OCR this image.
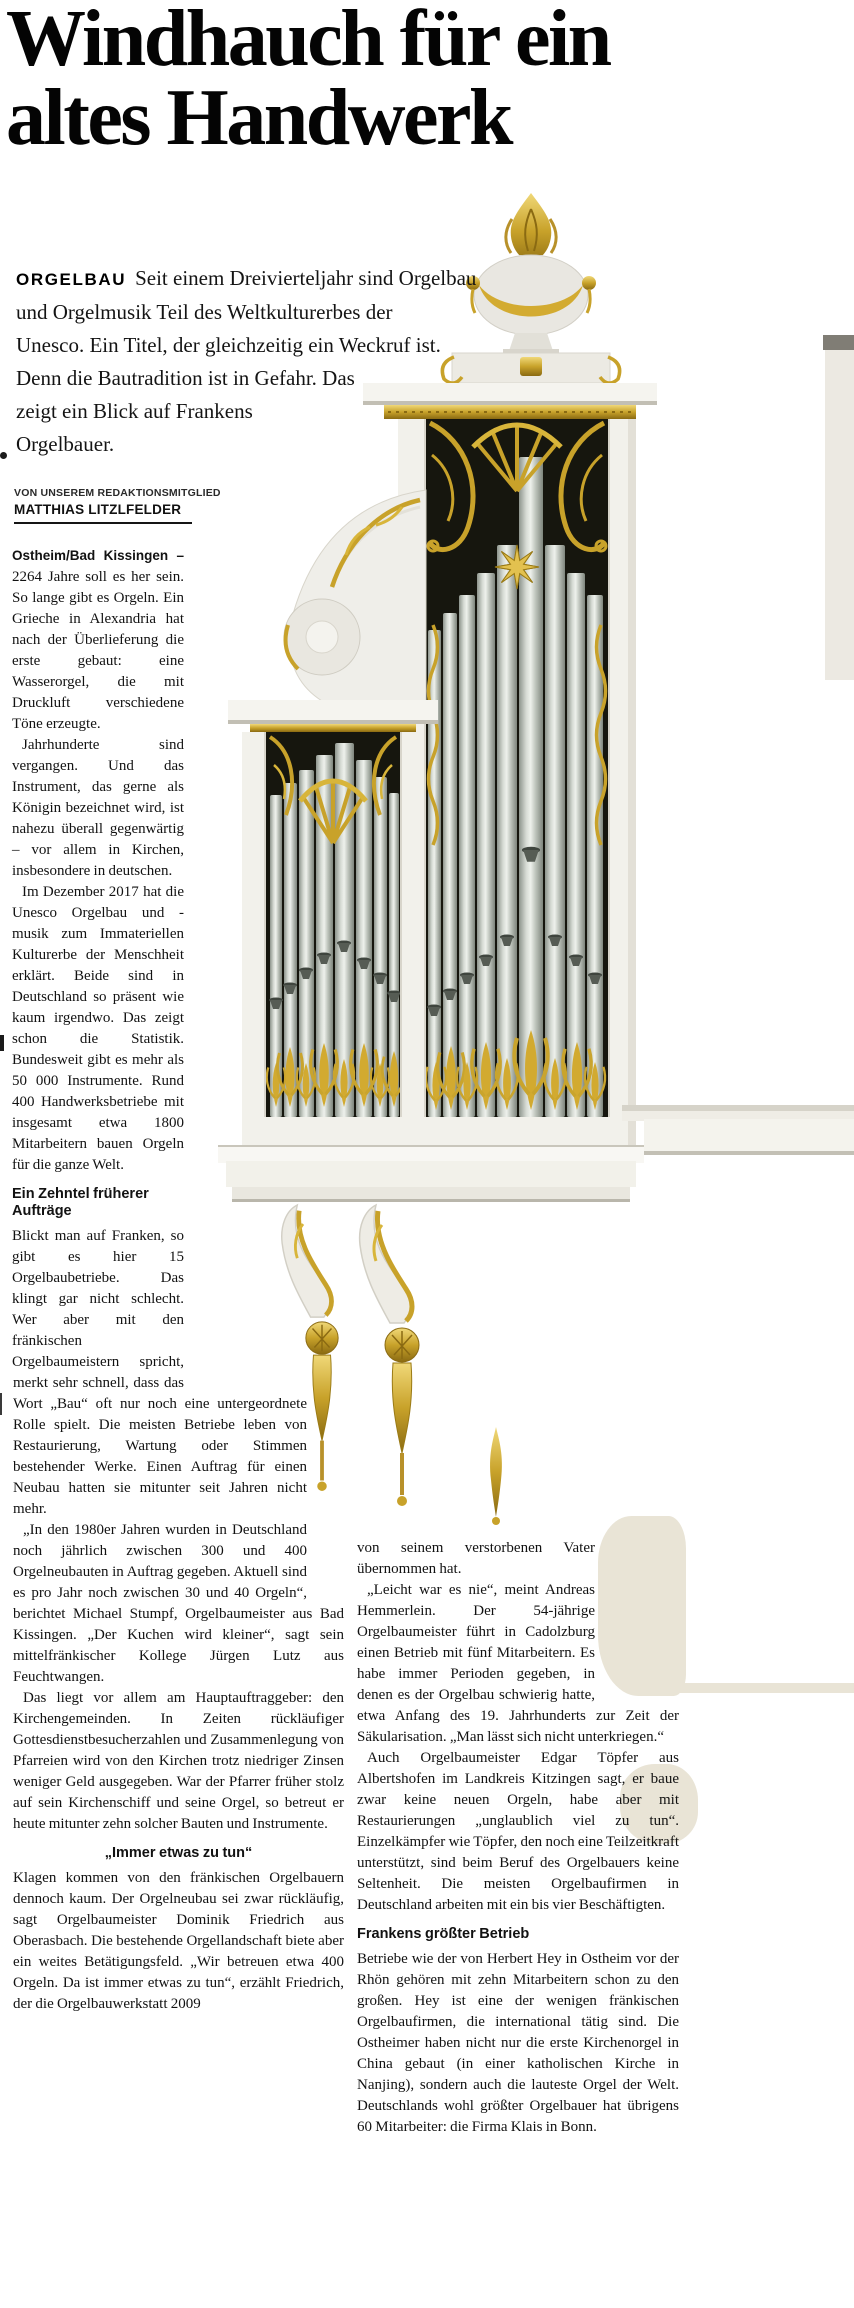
Windhauch für ein
altes Handwerk
ORGELBAU Seit einem Dreivierteljahr sind Orgelbau
und Orgelmusik Teil des Weltkulturerbes der
Unesco. Ein Titel, der gleichzeitig ein Weckruf ist.
Denn die Bautradition ist in Gefahr. Das
zeigt ein Blick auf Frankens
Orgelbauer.
VON UNSEREM REDAKTIONSMITGLIED
MATTHIAS LITZLFELDER

Ostheim/Bad Kissingen – 2264 Jahre soll es her sein. So lange gibt es Orgeln. Ein Grieche in Alexandria hat nach der Überlieferung die erste gebaut: eine Wasserorgel, die mit Druckluft verschiedene Töne erzeugte.

Jahrhunderte sind vergangen. Und das Instrument, das gerne als Königin bezeichnet wird, ist nahezu überall gegenwärtig – vor allem in Kirchen, insbesondere in deutschen.

Im Dezember 2017 hat die Unesco Orgelbau und -musik zum Immateriellen Kulturerbe der Menschheit erklärt. Beide sind in Deutschland so präsent wie kaum irgendwo. Das zeigt schon die Statistik. Bundesweit gibt es mehr als 50 000 Instrumente. Rund 400 Handwerksbetriebe mit insgesamt etwa 1800 Mitarbeitern bauen Orgeln für die ganze Welt.

Ein Zehntel früherer Aufträge

Blickt man auf Franken, so gibt es hier 15 Orgelbaubetriebe. Das klingt gar nicht schlecht. Wer aber mit den fränkischen Orgelbaumeistern spricht, merkt sehr schnell, dass das Wort „Bau“ oft nur noch eine untergeordnete Rolle spielt. Die meisten Betriebe leben von Restaurierung, Wartung oder Stimmen bestehender Werke. Einen Auftrag für einen Neubau hatten sie mitunter seit Jahren nicht mehr.

„In den 1980er Jahren wurden in Deutschland noch jährlich zwischen 300 und 400 Orgelneubauten in Auftrag gegeben. Aktuell sind es pro Jahr noch zwischen 30 und 40 Orgeln“, berichtet Michael Stumpf, Orgelbaumeister aus Bad Kissingen. „Der Kuchen wird kleiner“, sagt sein mittelfränkischer Kollege Jürgen Lutz aus Feuchtwangen.

Das liegt vor allem am Hauptauftraggeber: den Kirchengemeinden. In Zeiten rückläufiger Gottesdienstbesucherzahlen und Zusammenlegung von Pfarreien wird von den Kirchen trotz niedriger Zinsen weniger Geld ausgegeben. War der Pfarrer früher stolz auf sein Kirchenschiff und seine Orgel, so betreut er heute mitunter zehn solcher Bauten und Instrumente.

„Immer etwas zu tun“

Klagen kommen von den fränkischen Orgelbauern dennoch kaum. Der Orgelneubau sei zwar rückläufig, sagt Orgelbaumeister Dominik Friedrich aus Oberasbach. Die bestehende Orgellandschaft biete aber ein weites Betätigungsfeld. „Wir betreuen etwa 400 Orgeln. Da ist immer etwas zu tun“, erzählt Friedrich, der die Orgelbauwerkstatt 2009

von seinem verstorbenen Vater übernommen hat.

„Leicht war es nie“, meint Andreas Hemmerlein. Der 54-jährige Orgelbaumeister führt in Cadolzburg einen Betrieb mit fünf Mitarbeitern. Es habe immer Perioden gegeben, in denen es der Orgelbau schwierig hatte, etwa Anfang des 19. Jahrhunderts zur Zeit der Säkularisation. „Man lässt sich nicht unterkriegen.“

Auch Orgelbaumeister Edgar Töpfer aus Albertshofen im Landkreis Kitzingen sagt, er baue zwar keine neuen Orgeln, habe aber mit Restaurierungen „unglaublich viel zu tun“. Einzelkämpfer wie Töpfer, den noch eine Teilzeitkraft unterstützt, sind beim Beruf des Orgelbauers keine Seltenheit. Die meisten Orgelbaufirmen in Deutschland arbeiten mit ein bis vier Beschäftigten.

Frankens größter Betrieb

Betriebe wie der von Herbert Hey in Ostheim vor der Rhön gehören mit zehn Mitarbeitern schon zu den großen. Hey ist eine der wenigen fränkischen Orgelbaufirmen, die international tätig sind. Die Ostheimer haben nicht nur die erste Kirchenorgel in China gebaut (in einer katholischen Kirche in Nanjing), sondern auch die lauteste Orgel der Welt. Deutschlands wohl größter Orgelbauer hat übrigens 60 Mitarbeiter: die Firma Klais in Bonn.
